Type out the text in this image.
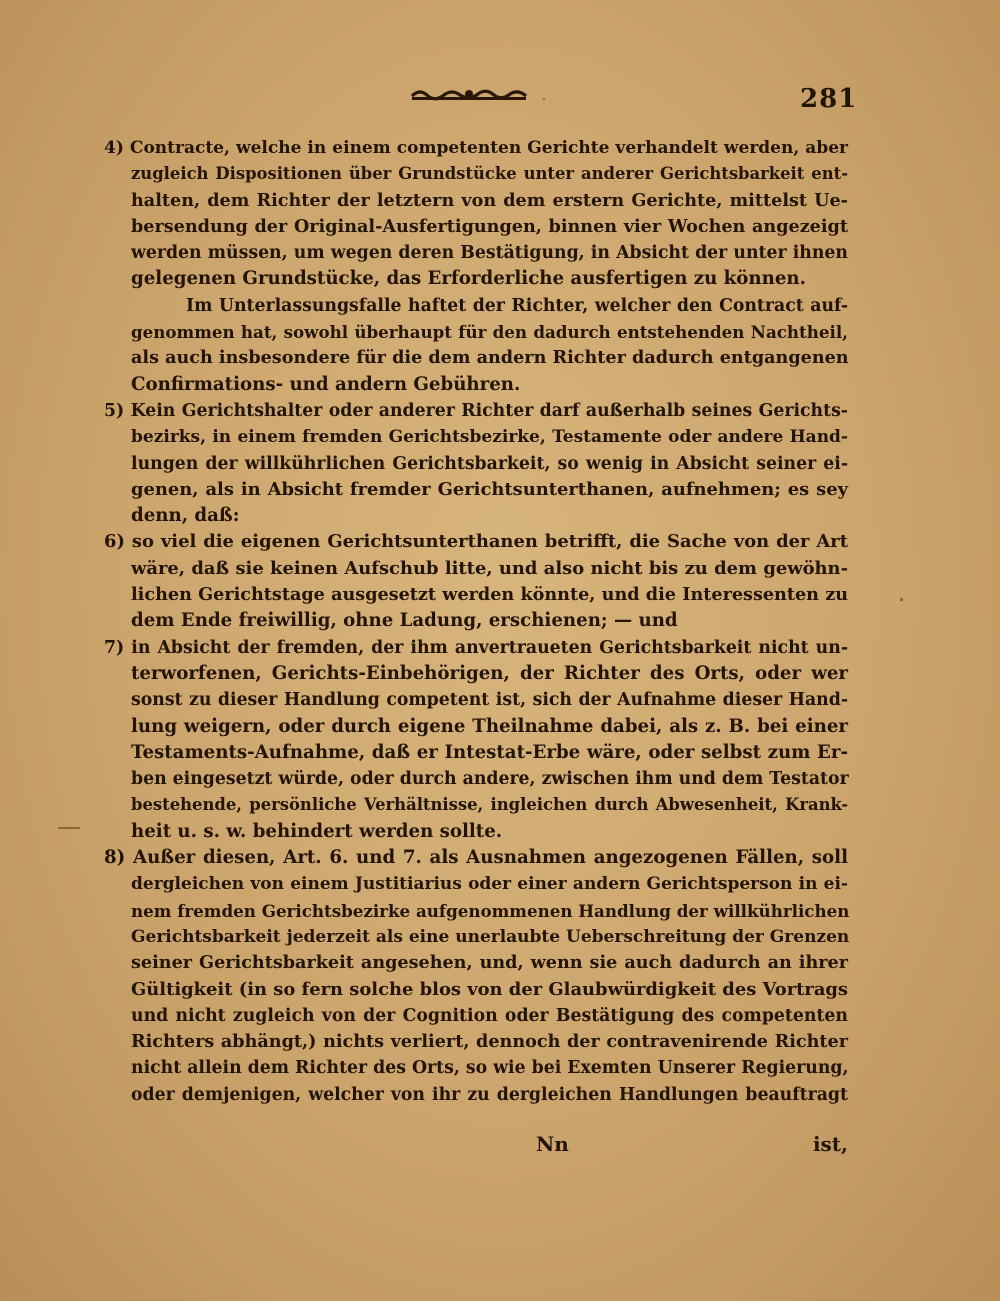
281
4) Contracte, welche in einem competenten Gerichte verhandelt werden, aber
zugleich Dispositionen über Grundstücke unter anderer Gerichtsbarkeit ent-
halten, dem Richter der letztern von dem erstern Gerichte, mittelst Ue-
bersendung der Original-Ausfertigungen, binnen vier Wochen angezeigt
werden müssen, um wegen deren Bestätigung, in Absicht der unter ihnen
gelegenen Grundstücke, das Erforderliche ausfertigen zu können.
Im Unterlassungsfalle haftet der Richter, welcher den Contract auf-
genommen hat, sowohl überhaupt für den dadurch entstehenden Nachtheil,
als auch insbesondere für die dem andern Richter dadurch entgangenen
Confirmations- und andern Gebühren.
5) Kein Gerichtshalter oder anderer Richter darf außerhalb seines Gerichts-
bezirks, in einem fremden Gerichtsbezirke, Testamente oder andere Hand-
lungen der willkührlichen Gerichtsbarkeit, so wenig in Absicht seiner ei-
genen, als in Absicht fremder Gerichtsunterthanen, aufnehmen; es sey
denn, daß:
6) so viel die eigenen Gerichtsunterthanen betrifft, die Sache von der Art
wäre, daß sie keinen Aufschub litte, und also nicht bis zu dem gewöhn-
lichen Gerichtstage ausgesetzt werden könnte, und die Interessenten zu
dem Ende freiwillig, ohne Ladung, erschienen; — und
7) in Absicht der fremden, der ihm anvertraueten Gerichtsbarkeit nicht un-
terworfenen, Gerichts-Einbehörigen, der Richter des Orts, oder wer
sonst zu dieser Handlung competent ist, sich der Aufnahme dieser Hand-
lung weigern, oder durch eigene Theilnahme dabei, als z. B. bei einer
Testaments-Aufnahme, daß er Intestat-Erbe wäre, oder selbst zum Er-
ben eingesetzt würde, oder durch andere, zwischen ihm und dem Testator
bestehende, persönliche Verhältnisse, ingleichen durch Abwesenheit, Krank-
heit u. s. w. behindert werden sollte.
8) Außer diesen, Art. 6. und 7. als Ausnahmen angezogenen Fällen, soll
dergleichen von einem Justitiarius oder einer andern Gerichtsperson in ei-
nem fremden Gerichtsbezirke aufgenommenen Handlung der willkührlichen
Gerichtsbarkeit jederzeit als eine unerlaubte Ueberschreitung der Grenzen
seiner Gerichtsbarkeit angesehen, und, wenn sie auch dadurch an ihrer
Gültigkeit (in so fern solche blos von der Glaubwürdigkeit des Vortrags
und nicht zugleich von der Cognition oder Bestätigung des competenten
Richters abhängt,) nichts verliert, dennoch der contravenirende Richter
nicht allein dem Richter des Orts, so wie bei Exemten Unserer Regierung,
oder demjenigen, welcher von ihr zu dergleichen Handlungen beauftragt
Nn	ist,
